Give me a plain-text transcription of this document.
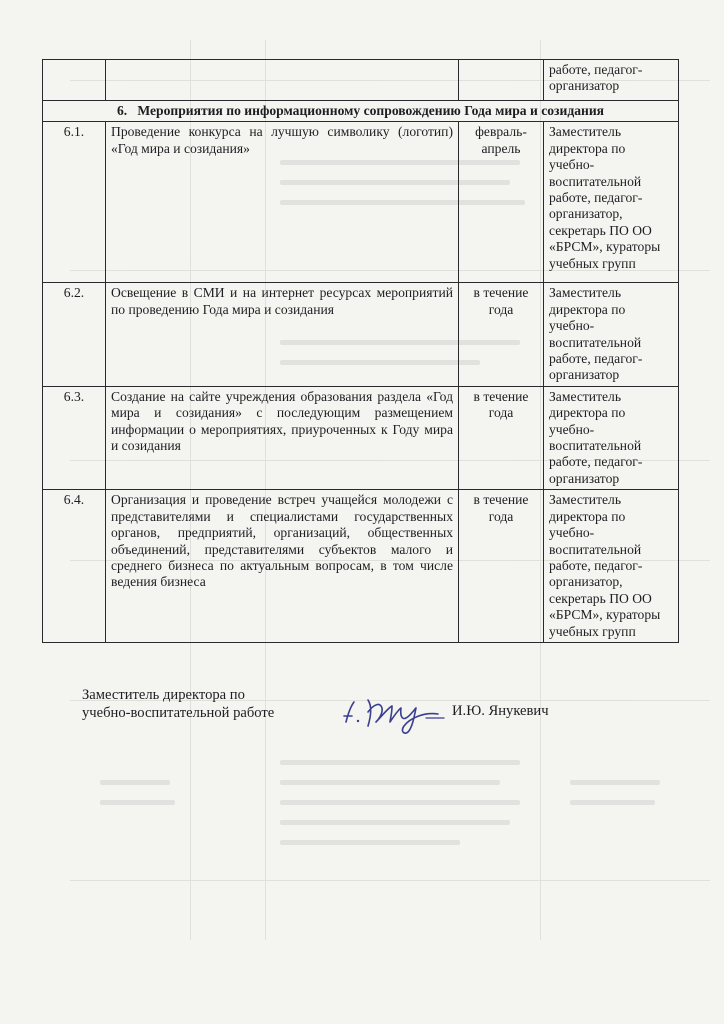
			работе, педагог-организатор
6. Мероприятия по информационному сопровождению Года мира и созидания			
6.1.	Проведение конкурса на лучшую символику (логотип) «Год мира и созидания»	февраль-апрель	Заместитель директора по учебно-воспитательной работе, педагог-организатор, секретарь ПО ОО «БРСМ», кураторы учебных групп
6.2.	Освещение в СМИ и на интернет ресурсах мероприятий по проведению Года мира и созидания	в течение года	Заместитель директора по учебно-воспитательной работе, педагог-организатор
6.3.	Создание на сайте учреждения образования раздела «Год мира и созидания» с последующим размещением информации о мероприятиях, приуроченных к Году мира и созидания	в течение года	Заместитель директора по учебно-воспитательной работе, педагог-организатор
6.4.	Организация и проведение встреч учащейся молодежи с представителями и специалистами государственных органов, предприятий, организаций, общественных объединений, представителями субъектов малого и среднего бизнеса по актуальным вопросам, в том числе ведения бизнеса	в течение года	Заместитель директора по учебно-воспитательной работе, педагог-организатор, секретарь ПО ОО «БРСМ», кураторы учебных групп
Заместитель директора по
учебно-воспитательной работе	И.Ю. Янукевич
